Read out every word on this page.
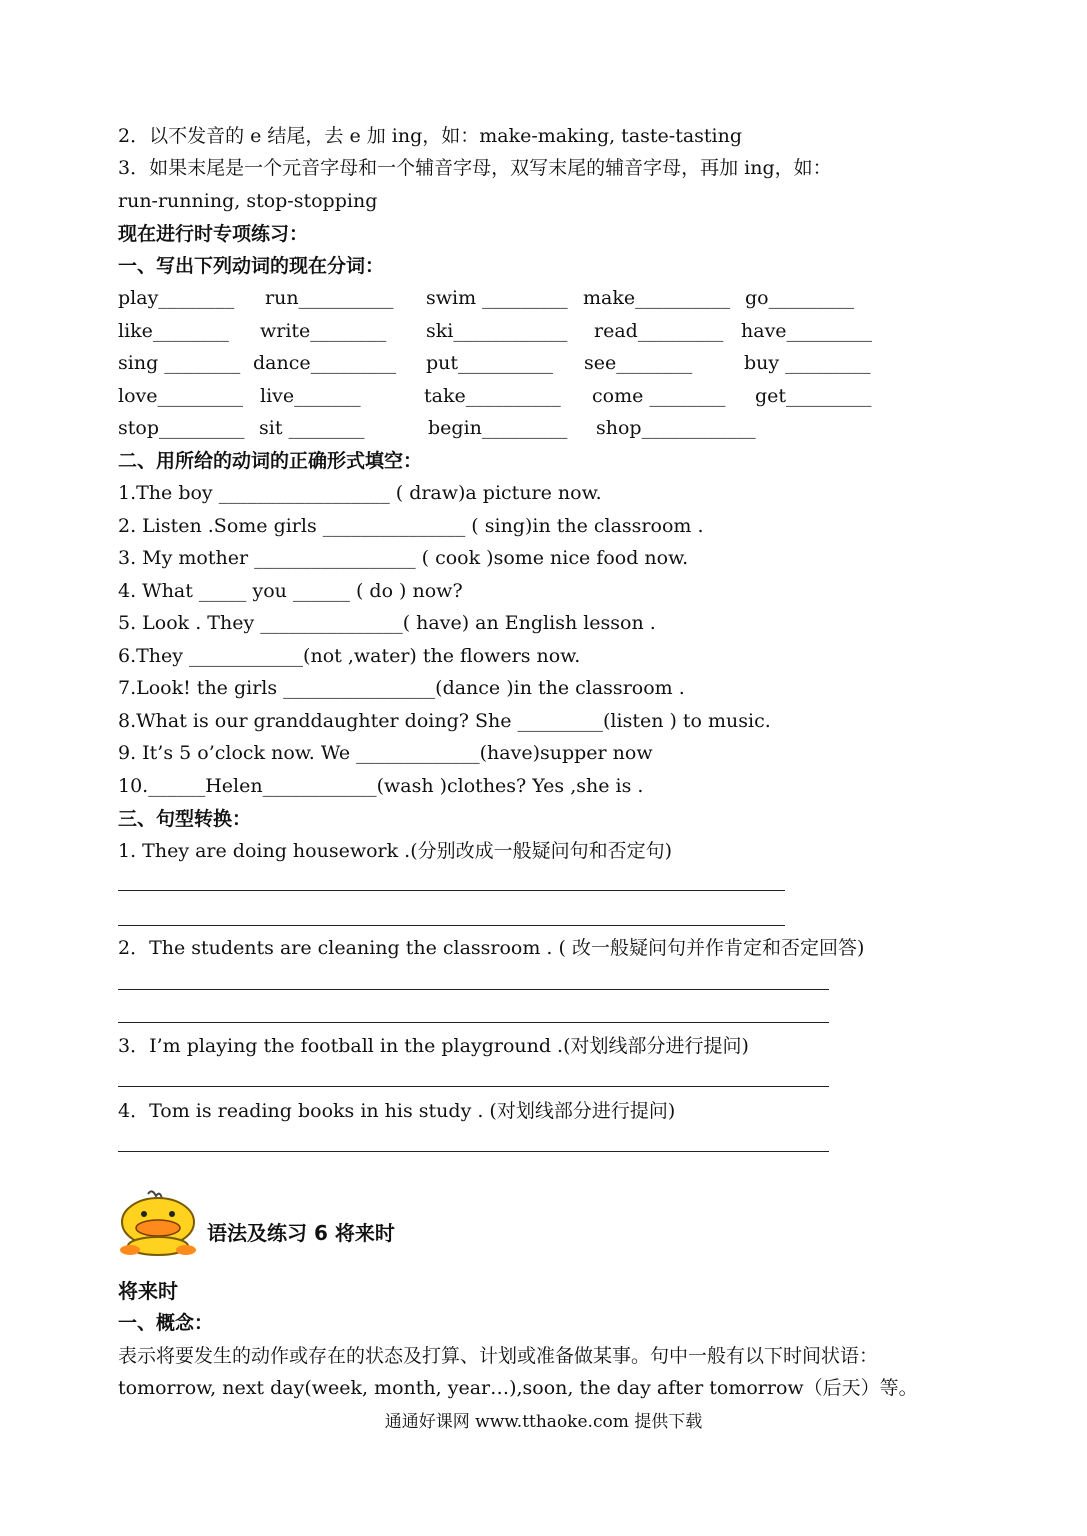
2．以不发音的 e 结尾，去 e 加 ing，如：make-making, taste-tasting
3．如果末尾是一个元音字母和一个辅音字母，双写末尾的辅音字母，再加 ing，如：
run-running, stop-stopping
现在进行时专项练习：
一、写出下列动词的现在分词：
play________ run__________ swim _________ make__________ go_________
like________ write________ ski____________ read_________ have_________
sing ________ dance_________ put__________ see________	buy _________
love_________ live_______	take__________ come ________ get_________
stop_________ sit ________	begin_________ shop____________
二、用所给的动词的正确形式填空：
1.The boy __________________ ( draw)a picture now.
2. Listen .Some girls _______________ ( sing)in the classroom .
3. My mother _________________ ( cook )some nice food now.
4. What _____ you ______ ( do ) now?
5. Look . They _______________( have) an English lesson .
6.They ____________(not ,water) the flowers now.
7.Look! the girls ________________(dance )in the classroom .
8.What is our granddaughter doing? She _________(listen ) to music.
9. It’s 5 o’clock now. We _____________(have)supper now
10.______Helen____________(wash )clothes? Yes ,she is .
三、句型转换：
1. They are doing housework .(分别改成一般疑问句和否定句)
2．The students are cleaning the classroom . ( 改一般疑问句并作肯定和否定回答)
3．I’m playing the football in the playground .(对划线部分进行提问)
4．Tom is reading books in his study . (对划线部分进行提问)
语法及练习 6 将来时
将来时
一、概念：
表示将要发生的动作或存在的状态及打算、计划或准备做某事。句中一般有以下时间状语：
tomorrow, next day(week, month, year…),soon, the day after tomorrow（后天）等。
通通好课网 www.tthaoke.com 提供下载
